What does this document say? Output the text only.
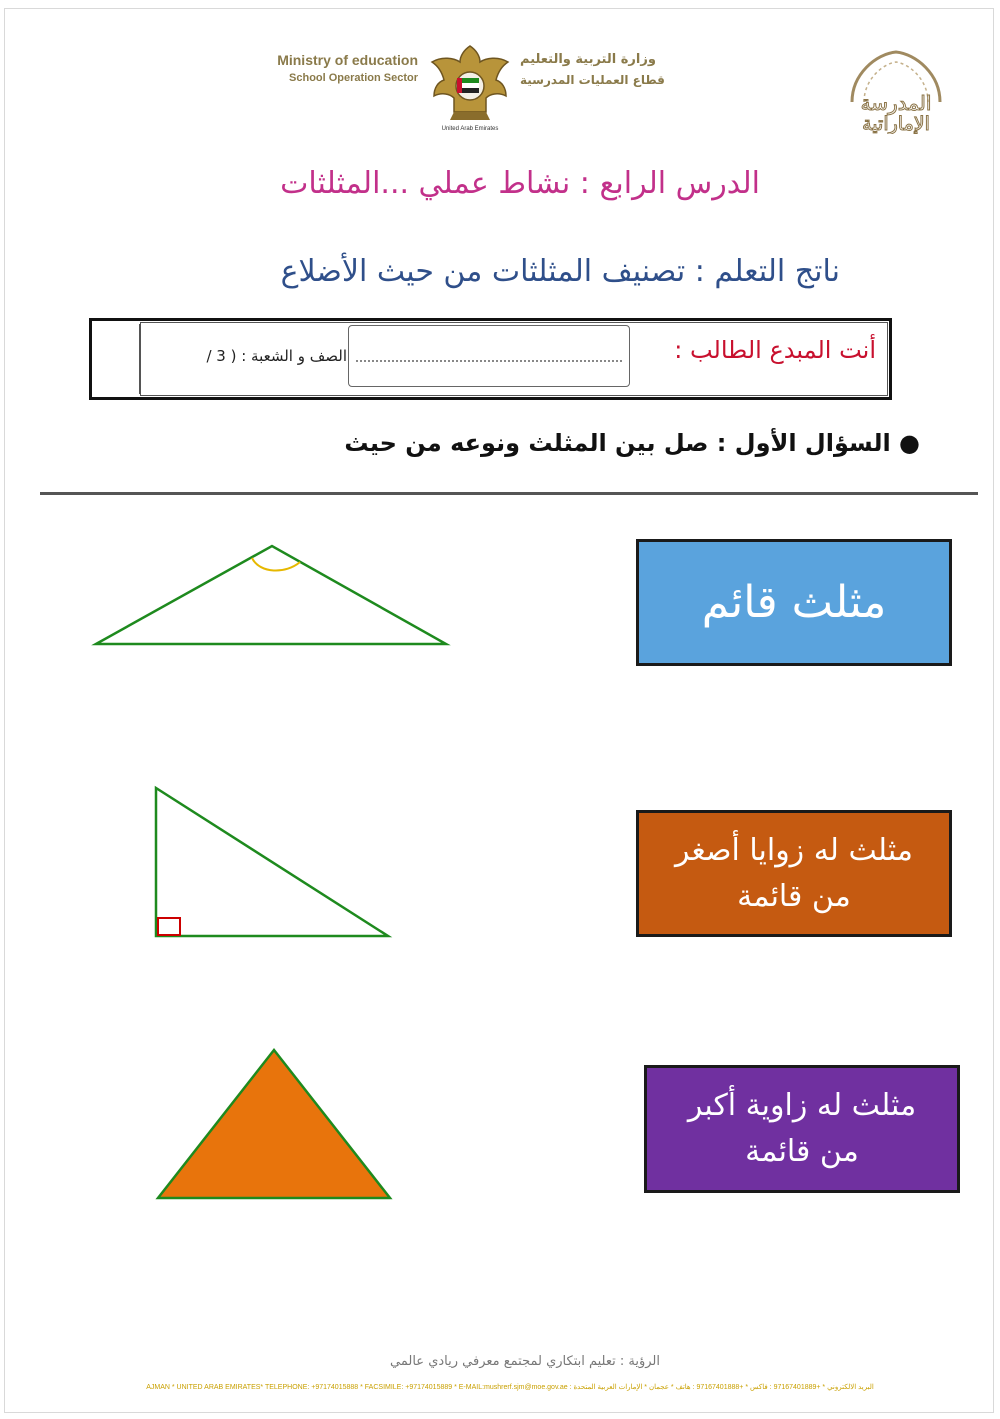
Ministry of education
School Operation Sector
United Arab Emirates
وزارة التربية والتعليم
قطاع العمليات المدرسية
المدرسة
الإماراتية
الدرس الرابع : نشاط عملي ...المثلثات
ناتج التعلم : تصنيف المثلثات من حيث الأضلاع
أنت المبدع الطالب :
الصف و الشعبة : ( 3 /
● السؤال الأول : صل بين المثلث ونوعه من حيث
مثلث قائم
مثلث له زوايا أصغر من قائمة
مثلث له زاوية أكبر من قائمة
الرؤية : تعليم ابتكاري لمجتمع معرفي ريادي عالمي
AJMAN * UNITED ARAB EMIRATES* TELEPHONE: +97174015888 * FACSIMILE: +97174015889 * E-MAIL:mushrerf.sjm@moe.gov.ae : البريد الالكتروني * +97167401889 : فاكس * +97167401888 : هاتف * عجمان * الإمارات العربية المتحدة
